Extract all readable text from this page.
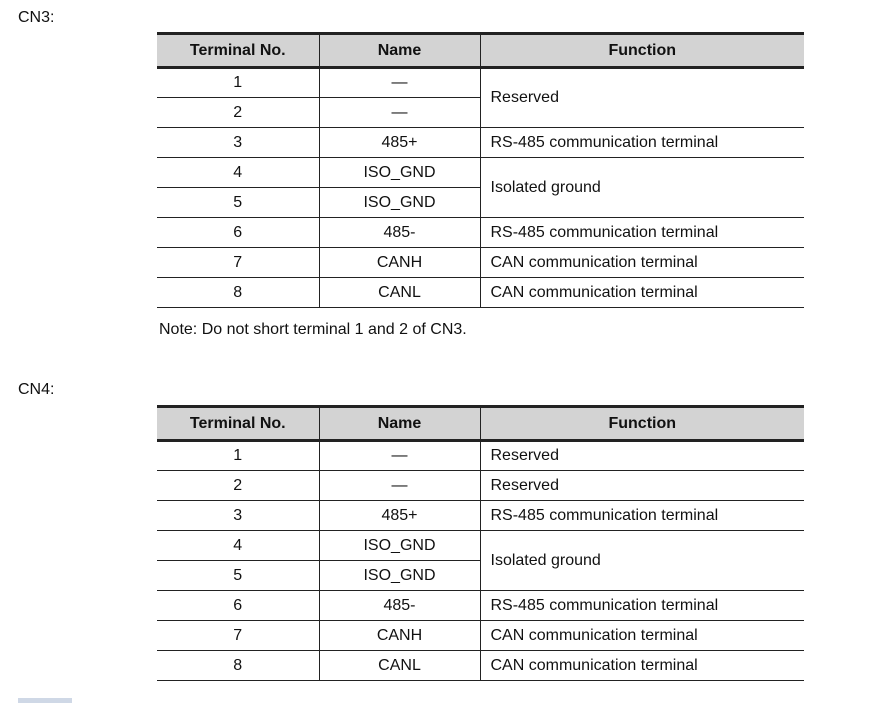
CN3:
Terminal No.	Name	Function
1	—	Reserved
2	—	
3	485+	RS-485 communication terminal
4	ISO_GND	Isolated ground
5	ISO_GND	
6	485-	RS-485 communication terminal
7	CANH	CAN communication terminal
8	CANL	CAN communication terminal
Note: Do not short terminal 1 and 2 of CN3.
CN4:
Terminal No.	Name	Function
1	—	Reserved
2	—	Reserved
3	485+	RS-485 communication terminal
4	ISO_GND	Isolated ground
5	ISO_GND	
6	485-	RS-485 communication terminal
7	CANH	CAN communication terminal
8	CANL	CAN communication terminal
